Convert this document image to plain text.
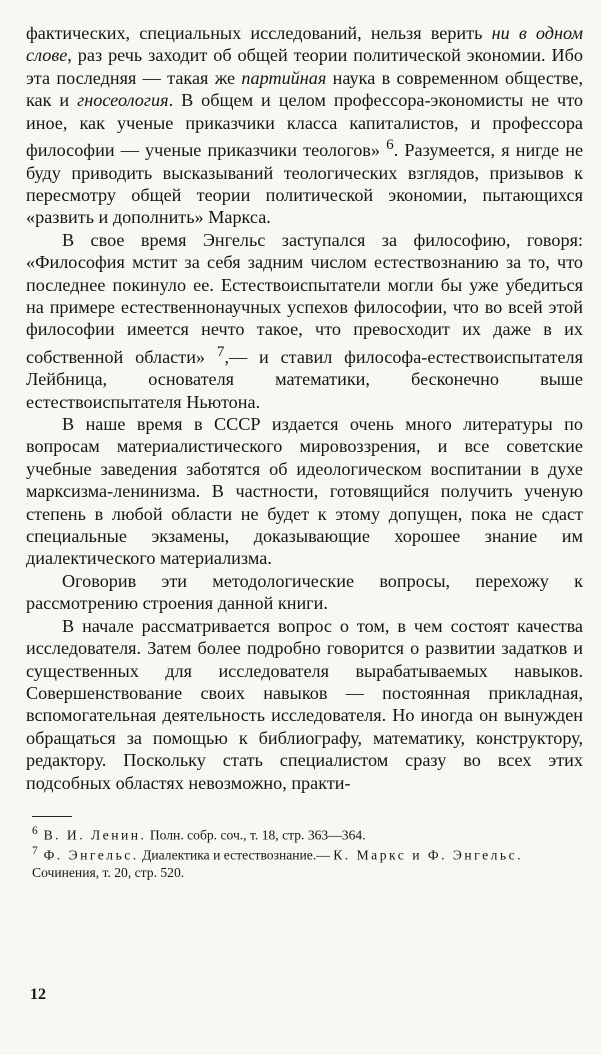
фактических, специальных исследований, нельзя верить ни в одном слове, раз речь заходит об общей теории политической экономии. Ибо эта последняя — такая же партийная наука в современном обществе, как и гносеология. В общем и целом профессора-экономисты не что иное, как ученые приказчики класса капиталистов, и профессора философии — ученые приказчики теологов» $^6$. Разумеется, я нигде не буду приводить высказываний теологических взглядов, призывов к пересмотру общей теории политической экономии, пытающихся «развить и дополнить» Маркса.

В свое время Энгельс заступался за философию, говоря: «Философия мстит за себя задним числом естествознанию за то, что последнее покинуло ее. Естествоиспытатели могли бы уже убедиться на примере естественнонаучных успехов философии, что во всей этой философии имеется нечто такое, что превосходит их даже в их собственной области» $^7$,— и ставил философа-естествоиспытателя Лейбница, основателя математики, бесконечно выше естествоиспытателя Ньютона.

В наше время в СССР издается очень много литературы по вопросам материалистического мировоззрения, и все советские учебные заведения заботятся об идеологическом воспитании в духе марксизма-ленинизма. В частности, готовящийся получить ученую степень в любой области не будет к этому допущен, пока не сдаст специальные экзамены, доказывающие хорошее знание им диалектического материализма.

Оговорив эти методологические вопросы, перехожу к рассмотрению строения данной книги.

В начале рассматривается вопрос о том, в чем состоят качества исследователя. Затем более подробно говорится о развитии задатков и существенных для исследователя вырабатываемых навыков. Совершенствование своих навыков — постоянная прикладная, вспомогательная деятельность исследователя. Но иногда он вынужден обращаться за помощью к библиографу, математику, конструктору, редактору. Поскольку стать специалистом сразу во всех этих подсобных областях невозможно, практи-

$^6$ В. И. Ленин. Полн. собр. соч., т. 18, стр. 363—364.

$^7$ Ф. Энгельс. Диалектика и естествознание.— К. Маркс и Ф. Энгельс. Сочинения, т. 20, стр. 520.

12
